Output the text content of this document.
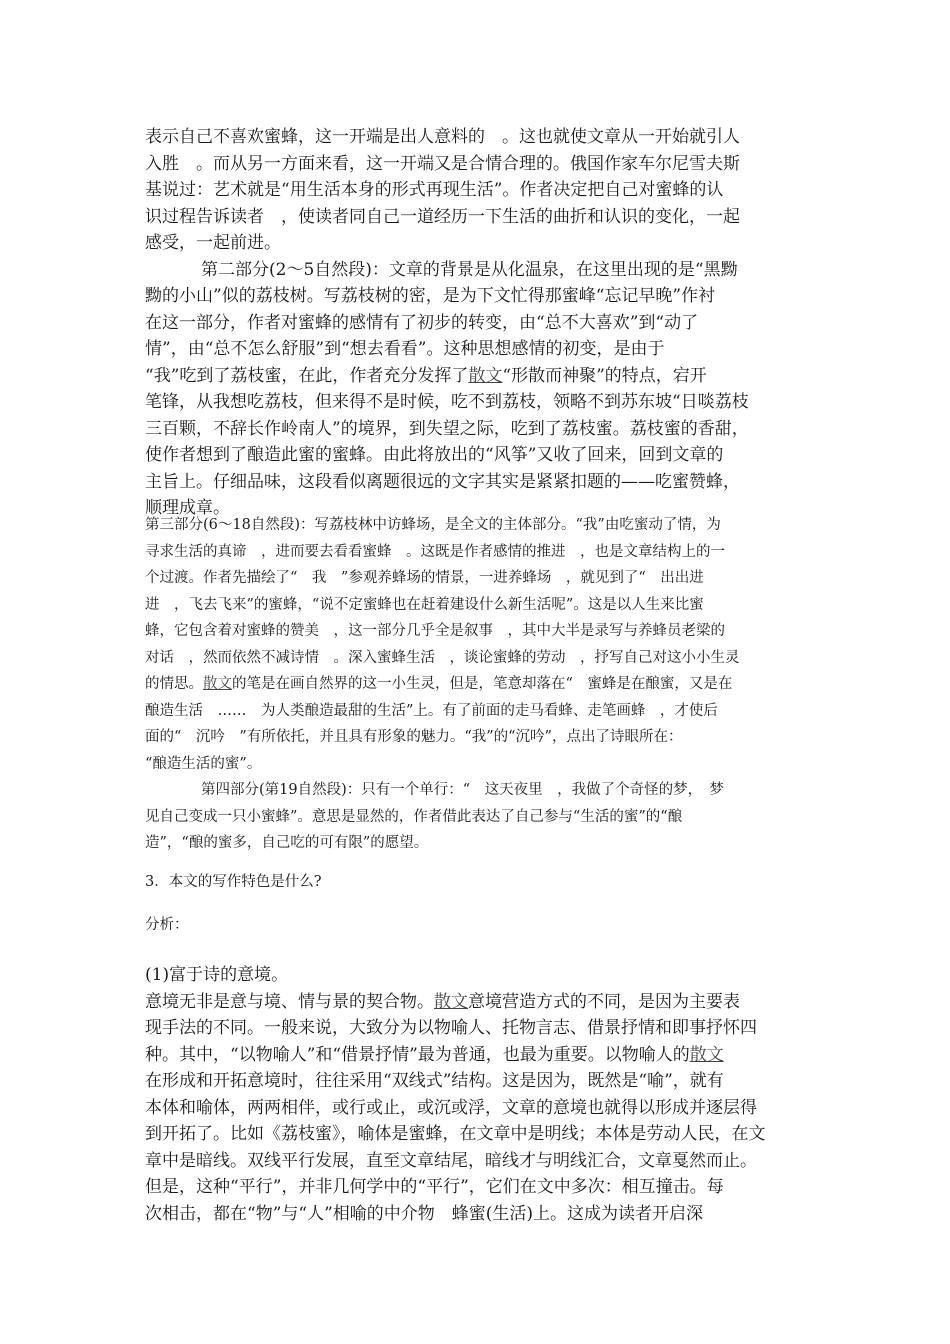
表示自己不喜欢蜜蜂，这一开端是出人意料的　。这也就使文章从一开始就引人
入胜　。而从另一方面来看，这一开端又是合情合理的。俄国作家车尔尼雪夫斯
基说过：艺术就是“用生活本身的形式再现生活”。作者决定把自己对蜜蜂的认
识过程告诉读者　，使读者同自己一道经历一下生活的曲折和认识的变化，一起
感受，一起前进。
第二部分(2～5自然段)：文章的背景是从化温泉，在这里出现的是“黑黝
黝的小山”似的荔枝树。写荔枝树的密，是为下文忙得那蜜峰“忘记早晚”作衬
在这一部分，作者对蜜蜂的感情有了初步的转变，由“总不大喜欢”到“动了
情”，由“总不怎么舒服”到“想去看看”。这种思想感情的初变，是由于
“我”吃到了荔枝蜜，在此，作者充分发挥了散文“形散而神聚”的特点，宕开
笔锋，从我想吃荔枝，但来得不是时候，吃不到荔枝，领略不到苏东坡“日啖荔枝
三百颗，不辞长作岭南人”的境界，到失望之际，吃到了荔枝蜜。荔枝蜜的香甜，
使作者想到了酿造此蜜的蜜蜂。由此将放出的“风筝”又收了回来，回到文章的
主旨上。仔细品味，这段看似离题很远的文字其实是紧紧扣题的——吃蜜赞蜂，
顺理成章。
第三部分(6～18自然段)：写荔枝林中访蜂场，是全文的主体部分。“我”由吃蜜动了情，为
寻求生活的真谛　，进而要去看看蜜蜂　。这既是作者感情的推进　，也是文章结构上的一
个过渡。作者先描绘了“　我　”参观养蜂场的情景，一进养蜂场　，就见到了“　出出进
进　，飞去飞来”的蜜蜂，“说不定蜜蜂也在赶着建设什么新生活呢”。这是以人生来比蜜
蜂，它包含着对蜜蜂的赞美　，这一部分几乎全是叙事　，其中大半是录写与养蜂员老梁的
对话　，然而依然不减诗情　。深入蜜蜂生活　，谈论蜜蜂的劳动　，抒写自己对这小小生灵
的情思。散文的笔是在画自然界的这一小生灵，但是，笔意却落在“　蜜蜂是在酿蜜，又是在
酿造生活　……　为人类酿造最甜的生活”上。有了前面的走马看蜂、走笔画蜂　，才使后
面的“　沉吟　”有所依托，并且具有形象的魅力。“我”的“沉吟”，点出了诗眼所在：
“酿造生活的蜜”。
第四部分(第19自然段)：只有一个单行：“　这天夜里　，我做了个奇怪的梦，　梦
见自己变成一只小蜜蜂”。意思是显然的，作者借此表达了自己参与“生活的蜜”的“酿
造”，“酿的蜜多，自己吃的可有限”的愿望。
3．本文的写作特色是什么?
分析：
(1)富于诗的意境。
意境无非是意与境、情与景的契合物。散文意境营造方式的不同，是因为主要表
现手法的不同。一般来说，大致分为以物喻人、托物言志、借景抒情和即事抒怀四
种。其中，“以物喻人”和“借景抒情”最为普通，也最为重要。以物喻人的散文
在形成和开拓意境时，往往采用“双线式”结构。这是因为，既然是“喻”，就有
本体和喻体，两两相伴，或行或止，或沉或浮，文章的意境也就得以形成并逐层得
到开拓了。比如《荔枝蜜》，喻体是蜜蜂，在文章中是明线；本体是劳动人民，在文
章中是暗线。双线平行发展，直至文章结尾，暗线才与明线汇合，文章戛然而止。
但是，这种“平行”，并非几何学中的“平行”，它们在文中多次：相互撞击。每
次相击，都在“物”与“人”相喻的中介物　蜂蜜(生活)上。这成为读者开启深
